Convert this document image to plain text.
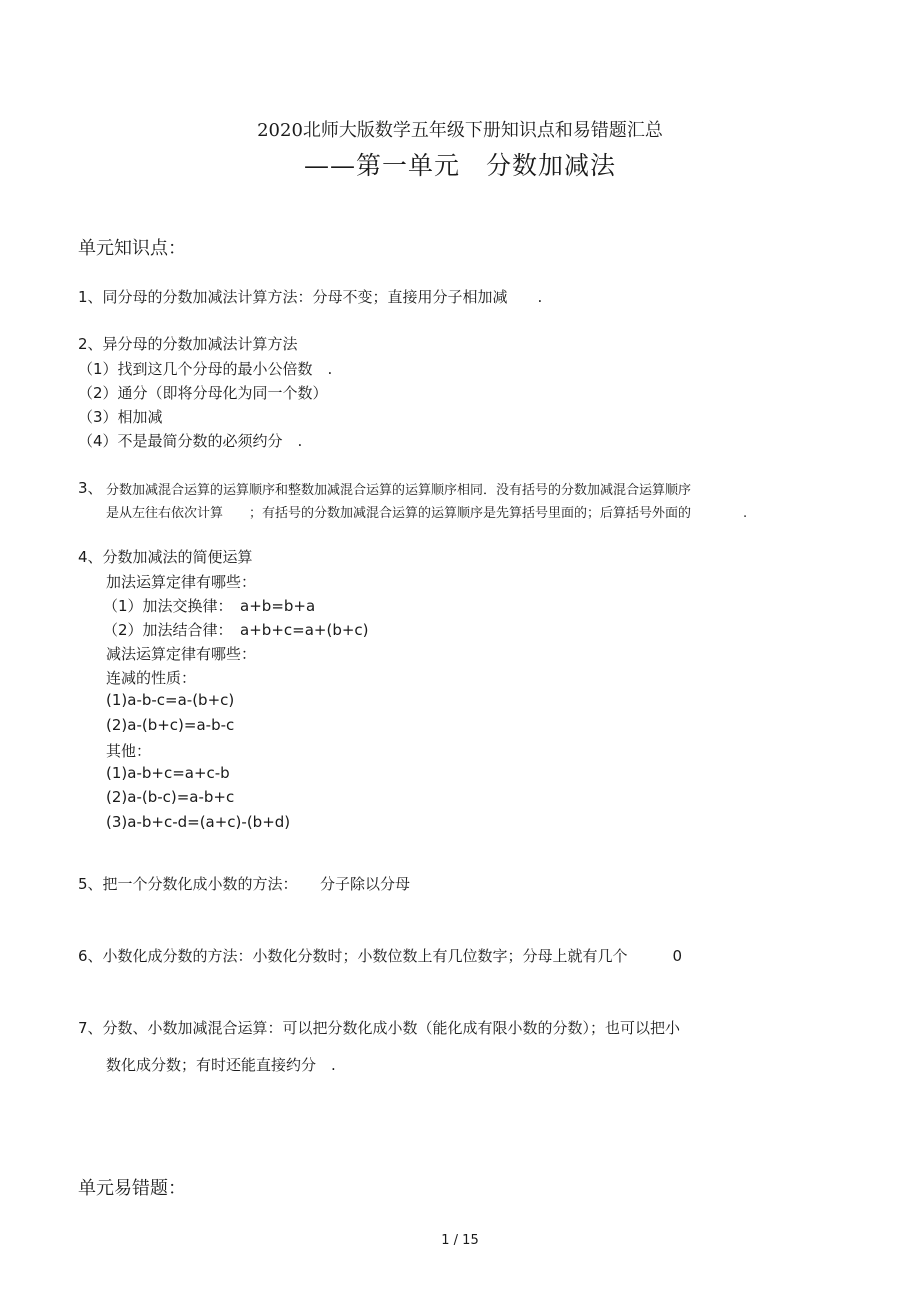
2020北师大版数学五年级下册知识点和易错题汇总
——第一单元　分数加减法
单元知识点：
1、同分母的分数加减法计算方法：分母不变；直接用分子相加减　　.
2、异分母的分数加减法计算方法
（1）找到这几个分母的最小公倍数　.
（2）通分（即将分母化为同一个数）
（3）相加减
（4）不是最简分数的必须约分　.
3、 分数加减混合运算的运算顺序和整数加减混合运算的运算顺序相同．没有括号的分数加减混合运算顺序
是从左往右依次计算　　；有括号的分数加减混合运算的运算顺序是先算括号里面的；后算括号外面的　　　　.
4、分数加减法的简便运算
加法运算定律有哪些：
（1）加法交换律：　a+b=b+a
（2）加法结合律：　a+b+c=a+(b+c)
减法运算定律有哪些：
连减的性质：
(1)a-b-c=a-(b+c)
(2)a-(b+c)=a-b-c
其他：
(1)a-b+c=a+c-b
(2)a-(b-c)=a-b+c
(3)a-b+c-d=(a+c)-(b+d)
5、把一个分数化成小数的方法：　　分子除以分母
6、小数化成分数的方法：小数化分数时；小数位数上有几位数字；分母上就有几个　　　0
7、分数、小数加减混合运算：可以把分数化成小数（能化成有限小数的分数）；也可以把小
数化成分数；有时还能直接约分　.
单元易错题：
1 / 15
